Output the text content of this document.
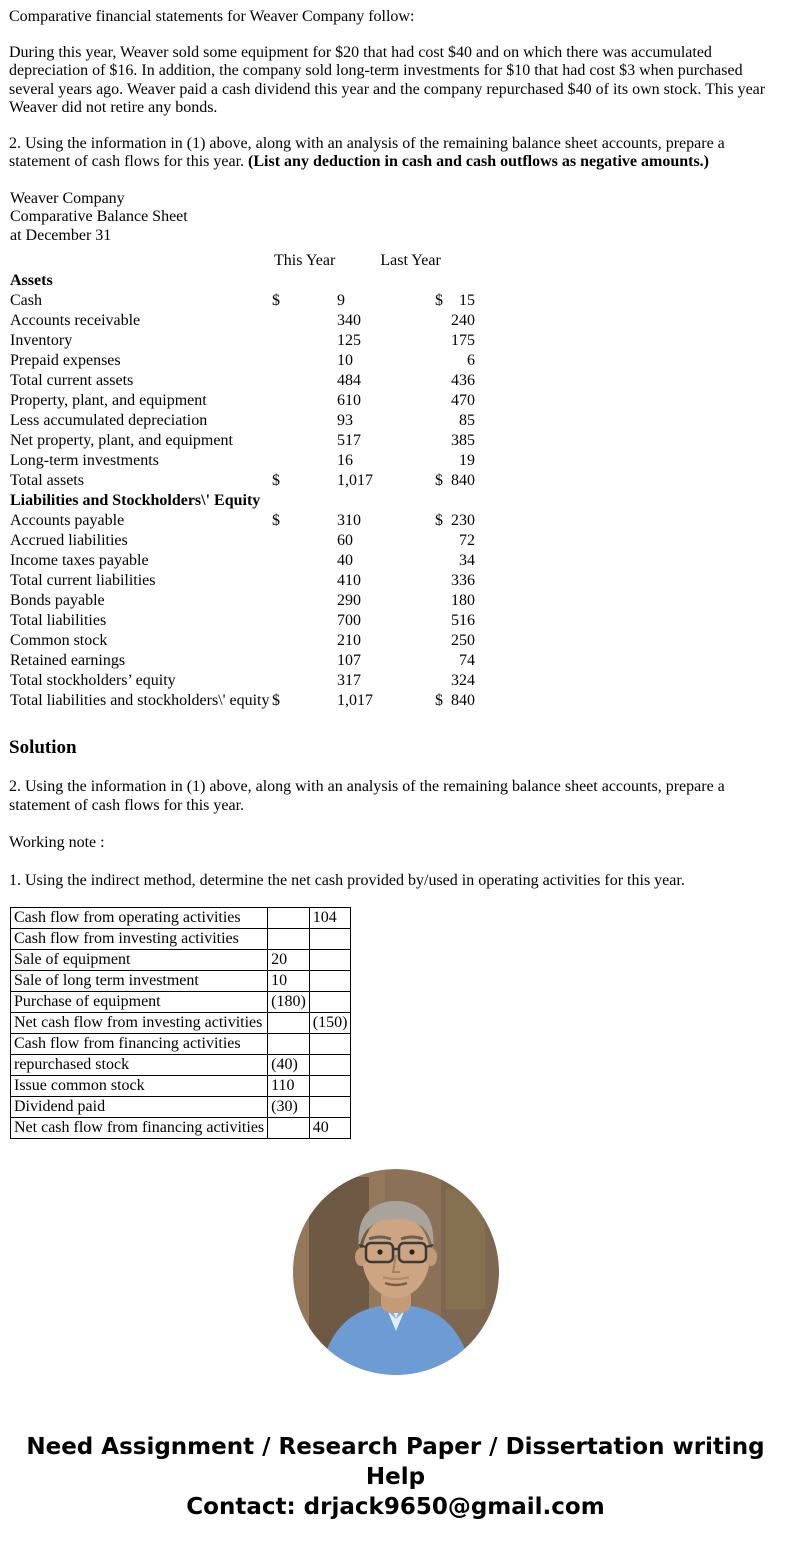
Comparative financial statements for Weaver Company follow:

During this year, Weaver sold some equipment for $20 that had cost $40 and on which there was accumulated depreciation of $16. In addition, the company sold long-term investments for $10 that had cost $3 when purchased several years ago. Weaver paid a cash dividend this year and the company repurchased $40 of its own stock. This year Weaver did not retire any bonds.

2. Using the information in (1) above, along with an analysis of the remaining balance sheet accounts, prepare a statement of cash flows for this year. (List any deduction in cash and cash outflows as negative amounts.)

Weaver Company
Comparative Balance Sheet
at December 31
This Year	Last Year
Assets
Cash	$	9	$	15
Accounts receivable	340	240
Inventory	125	175
Prepaid expenses	10	6
Total current assets	484	436
Property, plant, and equipment	610	470
Less accumulated depreciation	93	85
Net property, plant, and equipment	517	385
Long-term investments	16	19
Total assets	$	1,017	$ 840
Liabilities and Stockholders\' Equity
Accounts payable	$	310	$ 230
Accrued liabilities	60	72
Income taxes payable	40	34
Total current liabilities	410	336
Bonds payable	290	180
Total liabilities	700	516
Common stock	210	250
Retained earnings	107	74
Total stockholders’ equity	317	324
Total liabilities and stockholders\' equity $	1,017	$ 840
Solution

2. Using the information in (1) above, along with an analysis of the remaining balance sheet accounts, prepare a statement of cash flows for this year.

Working note :

1. Using the indirect method, determine the net cash provided by/used in operating activities for this year.

Cash flow from operating activities		104
Cash flow from investing activities		
Sale of equipment	20	
Sale of long term investment	10	
Purchase of equipment	(180)	
Net cash flow from investing activities		(150)
Cash flow from financing activities		
repurchased stock	(40)	
Issue common stock	110	
Dividend paid	(30)	
Net cash flow from financing activities		40
Need Assignment / Research Paper / Dissertation writing Help
Contact: drjack9650@gmail.com
